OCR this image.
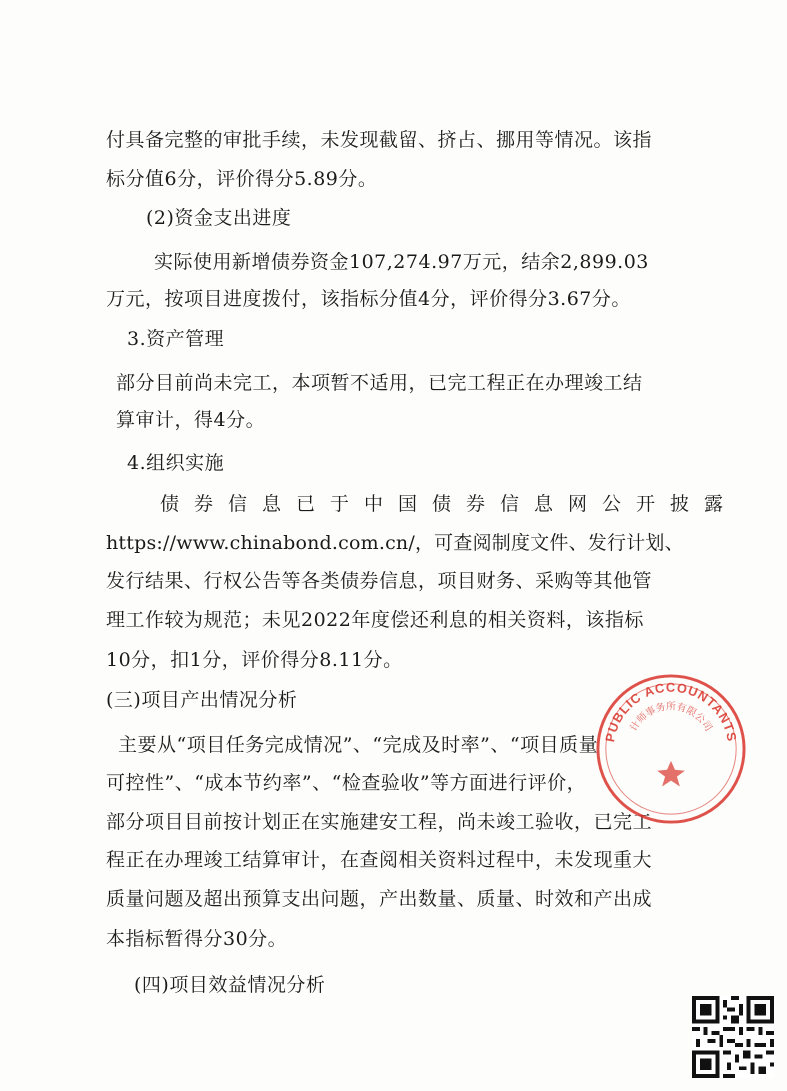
付具备完整的审批手续，未发现截留、挤占、挪用等情况。该指
标分值6分，评价得分5.89分。
(2)资金支出进度
实际使用新增债券资金107,274.97万元，结余2,899.03
万元，按项目进度拨付，该指标分值4分，评价得分3.67分。
3.资产管理
部分目前尚未完工，本项暂不适用，已完工程正在办理竣工结
算审计，得4分。
4.组织实施
债券信息已于中国债券信息网公开披露
https://www.chinabond.com.cn/，可查阅制度文件、发行计划、
发行结果、行权公告等各类债券信息，项目财务、采购等其他管
理工作较为规范；未见2022年度偿还利息的相关资料，该指标
10分，扣1分，评价得分8.11分。
(三)项目产出情况分析
主要从“项目任务完成情况”、“完成及时率”、“项目质量
可控性”、“成本节约率”、“检查验收”等方面进行评价，
部分项目目前按计划正在实施建安工程，尚未竣工验收，已完工
程正在办理竣工结算审计，在查阅相关资料过程中，未发现重大
质量问题及超出预算支出问题，产出数量、质量、时效和产出成
本指标暂得分30分。
(四)项目效益情况分析
PUBLIC ACCOUNTANTS
计师事务所有限公司
